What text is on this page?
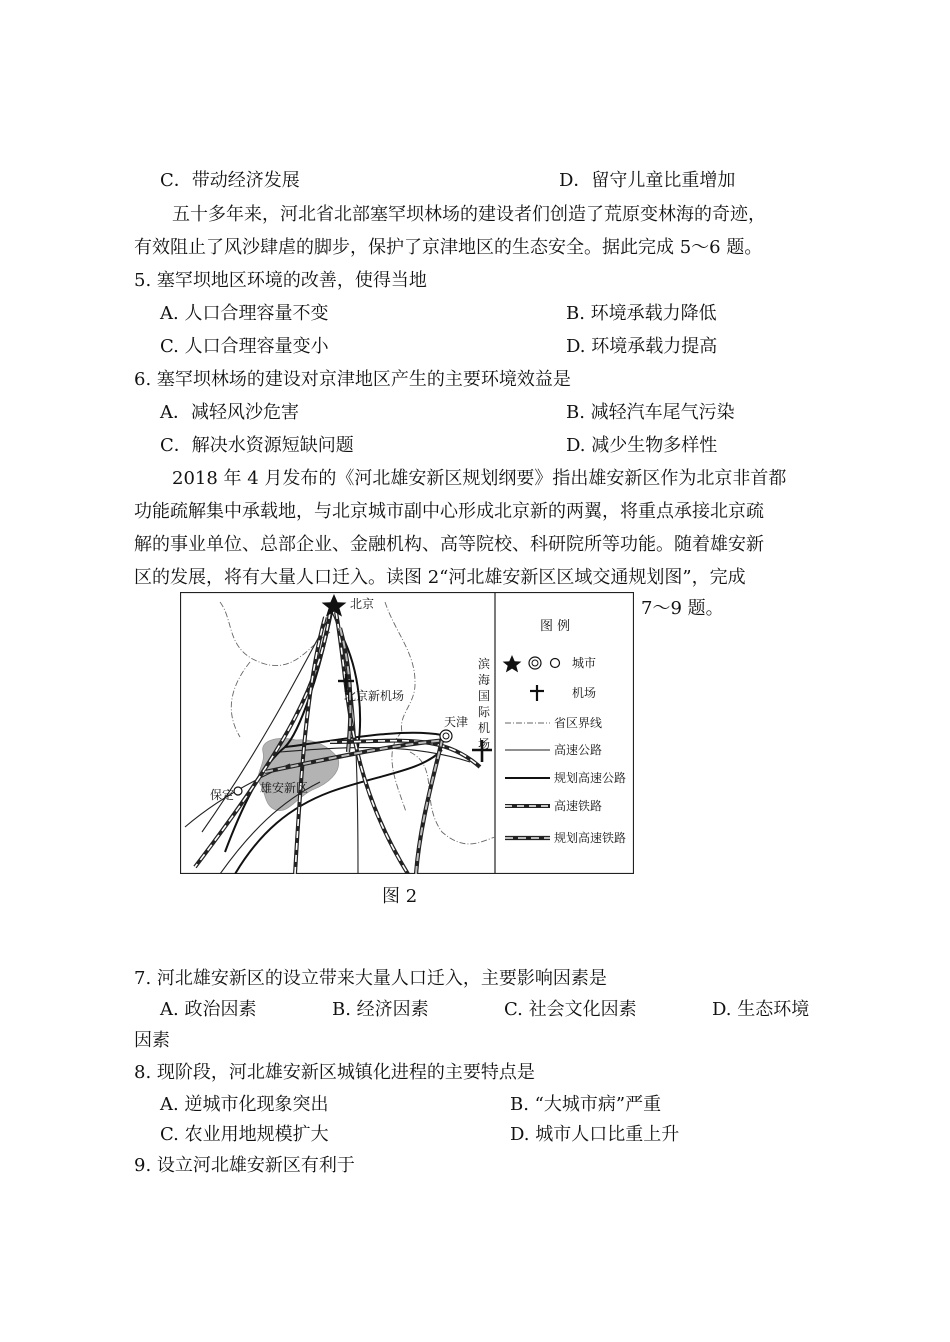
C．带动经济发展	D．留守儿童比重增加
五十多年来，河北省北部塞罕坝林场的建设者们创造了荒原变林海的奇迹，
有效阻止了风沙肆虐的脚步，保护了京津地区的生态安全。据此完成 5～6 题。
5. 塞罕坝地区环境的改善，使得当地
A. 人口合理容量不变	B. 环境承载力降低
C. 人口合理容量变小	D. 环境承载力提高
6. 塞罕坝林场的建设对京津地区产生的主要环境效益是
A．减轻风沙危害	B. 减轻汽车尾气污染
C．解决水资源短缺问题	D. 减少生物多样性
2018 年 4 月发布的《河北雄安新区规划纲要》指出雄安新区作为北京非首都
功能疏解集中承载地，与北京城市副中心形成北京新的两翼，将重点承接北京疏
解的事业单位、总部企业、金融机构、高等院校、科研院所等功能。随着雄安新
区的发展，将有大量人口迁入。读图 2“河北雄安新区区域交通规划图”，完成
7～9 题。
北京
北京新机场
天津
滨海国 际机场
保定 雄安新区
图 例
城市
机场
省区界线
高速公路
规划高速公路
高速铁路
规划高速铁路
图 2
7. 河北雄安新区的设立带来大量人口迁入，主要影响因素是
A. 政治因素	B. 经济因素	C. 社会文化因素	D. 生态环境
因素
8. 现阶段，河北雄安新区城镇化进程的主要特点是
A. 逆城市化现象突出	B. “大城市病”严重
C. 农业用地规模扩大	D. 城市人口比重上升
9. 设立河北雄安新区有利于
